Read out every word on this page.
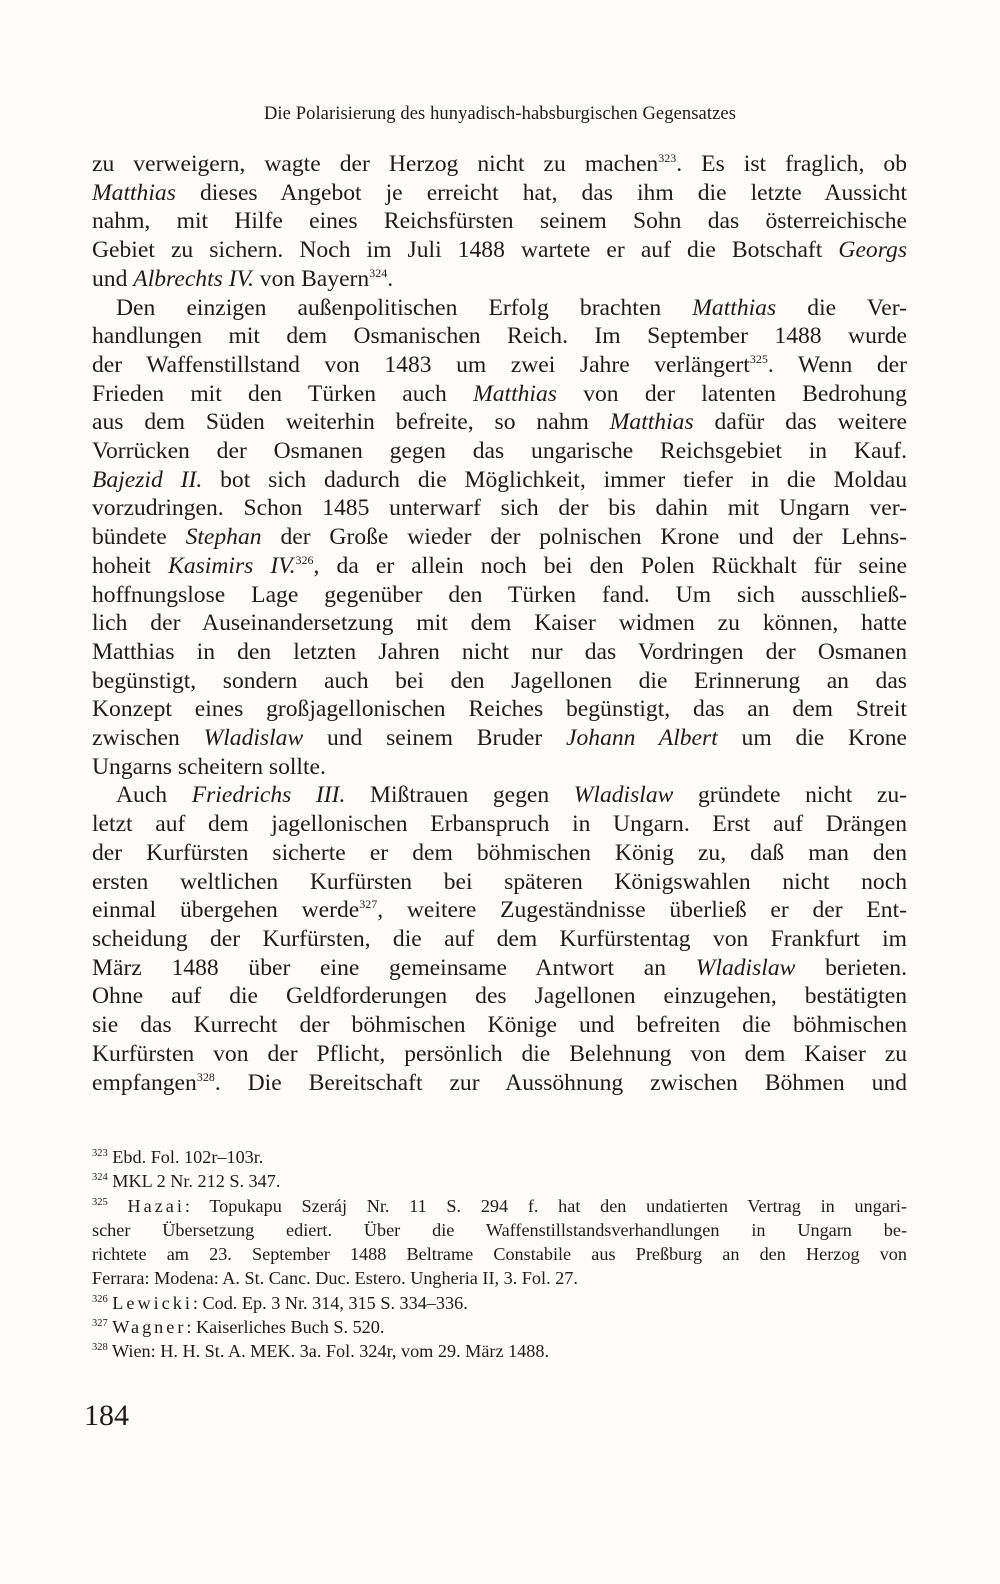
Die Polarisierung des hunyadisch-habsburgischen Gegensatzes

zu verweigern, wagte der Herzog nicht zu machen$^{323}$. Es ist fraglich, ob

Matthias dieses Angebot je erreicht hat, das ihm die letzte Aussicht

nahm, mit Hilfe eines Reichsfürsten seinem Sohn das österreichische

Gebiet zu sichern. Noch im Juli 1488 wartete er auf die Botschaft Georgs

und Albrechts IV. von Bayern$^{324}$.

Den einzigen außenpolitischen Erfolg brachten Matthias die Ver-

handlungen mit dem Osmanischen Reich. Im September 1488 wurde

der Waffenstillstand von 1483 um zwei Jahre verlängert$^{325}$. Wenn der

Frieden mit den Türken auch Matthias von der latenten Bedrohung

aus dem Süden weiterhin befreite, so nahm Matthias dafür das weitere

Vorrücken der Osmanen gegen das ungarische Reichsgebiet in Kauf.

Bajezid II. bot sich dadurch die Möglichkeit, immer tiefer in die Moldau

vorzudringen. Schon 1485 unterwarf sich der bis dahin mit Ungarn ver-

bündete Stephan der Große wieder der polnischen Krone und der Lehns-

hoheit Kasimirs IV.$^{326}$, da er allein noch bei den Polen Rückhalt für seine

hoffnungslose Lage gegenüber den Türken fand. Um sich ausschließ-

lich der Auseinandersetzung mit dem Kaiser widmen zu können, hatte

Matthias in den letzten Jahren nicht nur das Vordringen der Osmanen

begünstigt, sondern auch bei den Jagellonen die Erinnerung an das

Konzept eines großjagellonischen Reiches begünstigt, das an dem Streit

zwischen Wladislaw und seinem Bruder Johann Albert um die Krone

Ungarns scheitern sollte.

Auch Friedrichs III. Mißtrauen gegen Wladislaw gründete nicht zu-

letzt auf dem jagellonischen Erbanspruch in Ungarn. Erst auf Drängen

der Kurfürsten sicherte er dem böhmischen König zu, daß man den

ersten weltlichen Kurfürsten bei späteren Königswahlen nicht noch

einmal übergehen werde$^{327}$, weitere Zugeständnisse überließ er der Ent-

scheidung der Kurfürsten, die auf dem Kurfürstentag von Frankfurt im

März 1488 über eine gemeinsame Antwort an Wladislaw berieten.

Ohne auf die Geldforderungen des Jagellonen einzugehen, bestätigten

sie das Kurrecht der böhmischen Könige und befreiten die böhmischen

Kurfürsten von der Pflicht, persönlich die Belehnung von dem Kaiser zu

empfangen$^{328}$. Die Bereitschaft zur Aussöhnung zwischen Böhmen und

$^{323}$ Ebd. Fol. 102r–103r.

$^{324}$ MKL 2 Nr. 212 S. 347.

$^{325}$ Hazai: Topukapu Szeráj Nr. 11 S. 294 f. hat den undatierten Vertrag in ungari-

scher Übersetzung ediert. Über die Waffenstillstandsverhandlungen in Ungarn be-

richtete am 23. September 1488 Beltrame Constabile aus Preßburg an den Herzog von

Ferrara: Modena: A. St. Canc. Duc. Estero. Ungheria II, 3. Fol. 27.

$^{326}$ Lewicki: Cod. Ep. 3 Nr. 314, 315 S. 334–336.

$^{327}$ Wagner: Kaiserliches Buch S. 520.

$^{328}$ Wien: H. H. St. A. MEK. 3a. Fol. 324r, vom 29. März 1488.

184
